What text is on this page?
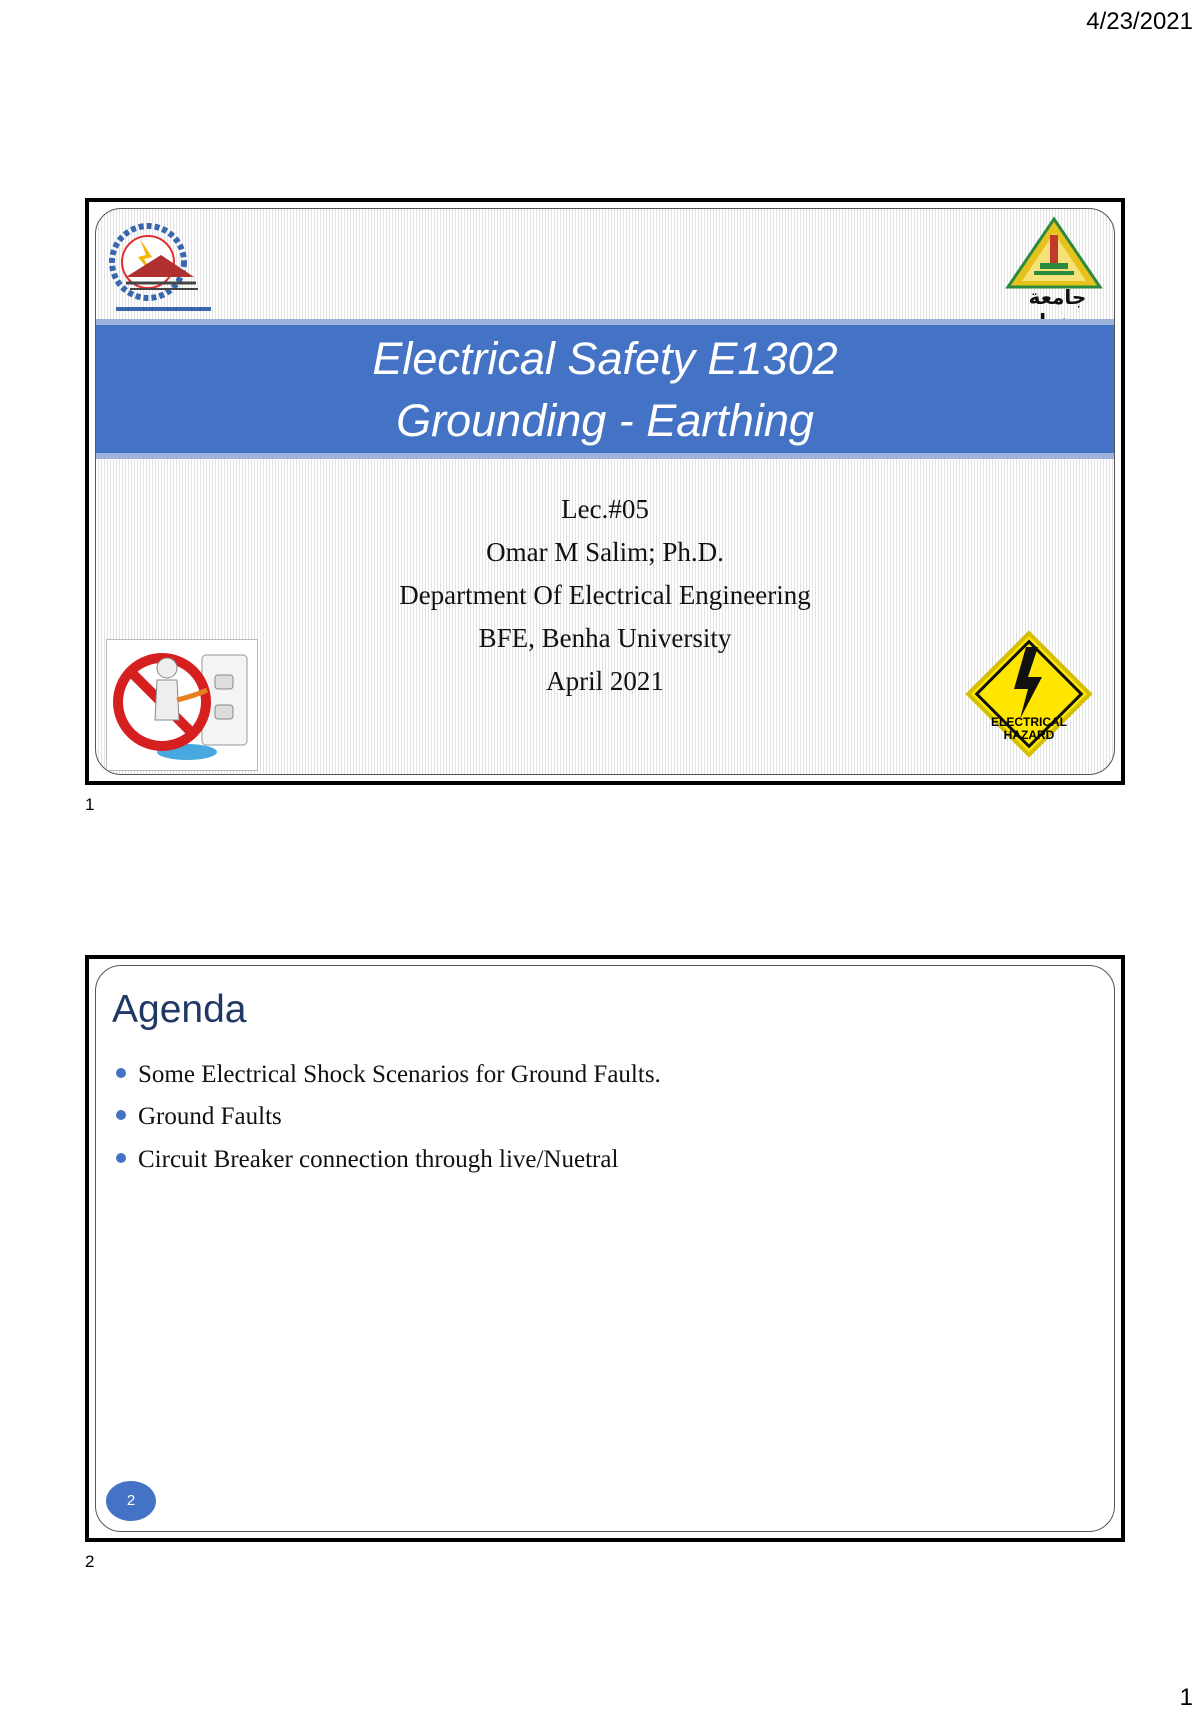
4/23/2021
جامعة
Electrical Safety E1302
Grounding - Earthing
Lec.#05
Omar M Salim; Ph.D.
Department Of Electrical Engineering
BFE, Benha University
April 2021
ELECTRICAL
HAZARD
1
Agenda
Some Electrical Shock Scenarios for Ground Faults.
Ground Faults
Circuit Breaker connection through live/Nuetral
2
2
1
